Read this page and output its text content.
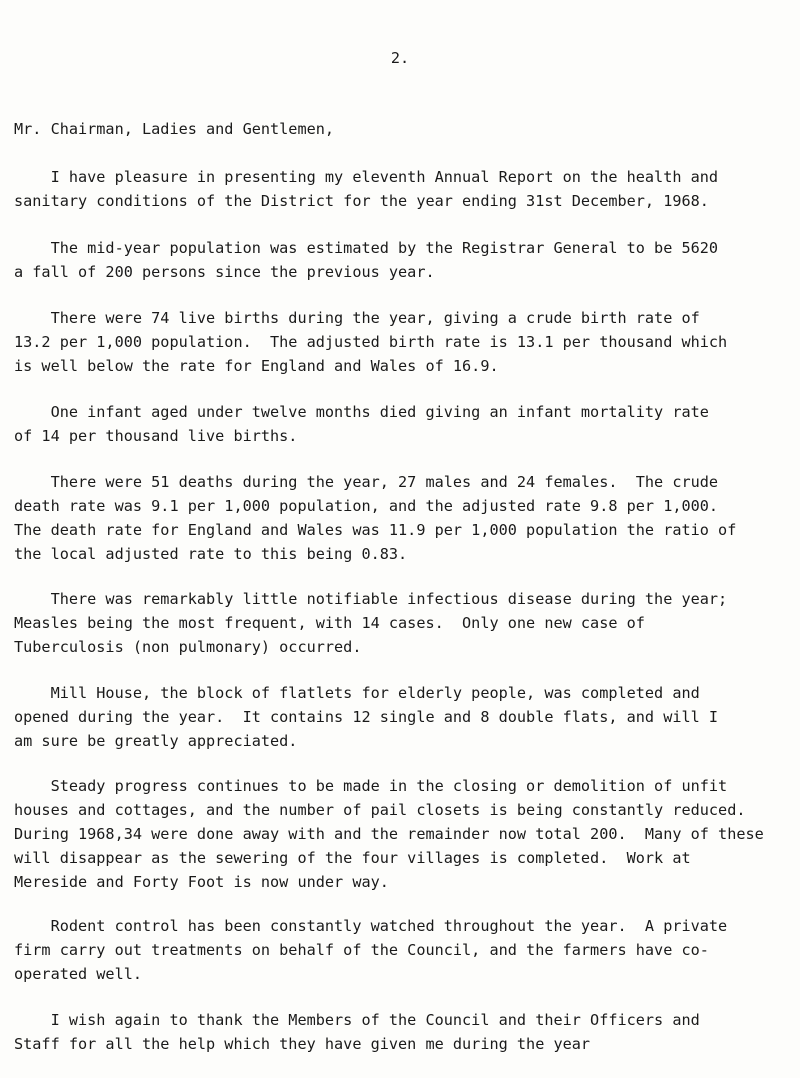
2.

Mr. Chairman, Ladies and Gentlemen,

I have pleasure in presenting my eleventh Annual Report on the health and
sanitary conditions of the District for the year ending 31st December, 1968.
The mid-year population was estimated by the Registrar General to be 5620
a fall of 200 persons since the previous year.
There were 74 live births during the year, giving a crude birth rate of
13.2 per 1,000 population.  The adjusted birth rate is 13.1 per thousand which
is well below the rate for England and Wales of 16.9.
One infant aged under twelve months died giving an infant mortality rate
of 14 per thousand live births.
There were 51 deaths during the year, 27 males and 24 females.  The crude
death rate was 9.1 per 1,000 population, and the adjusted rate 9.8 per 1,000.
The death rate for England and Wales was 11.9 per 1,000 population the ratio of
the local adjusted rate to this being 0.83.
There was remarkably little notifiable infectious disease during the year;
Measles being the most frequent, with 14 cases.  Only one new case of
Tuberculosis (non pulmonary) occurred.
Mill House, the block of flatlets for elderly people, was completed and
opened during the year.  It contains 12 single and 8 double flats, and will I
am sure be greatly appreciated.
Steady progress continues to be made in the closing or demolition of unfit
houses and cottages, and the number of pail closets is being constantly reduced.
During 1968,34 were done away with and the remainder now total 200.  Many of these
will disappear as the sewering of the four villages is completed.  Work at
Mereside and Forty Foot is now under way.
Rodent control has been constantly watched throughout the year.  A private
firm carry out treatments on behalf of the Council, and the farmers have co-
operated well.
I wish again to thank the Members of the Council and their Officers and
Staff for all the help which they have given me during the year
